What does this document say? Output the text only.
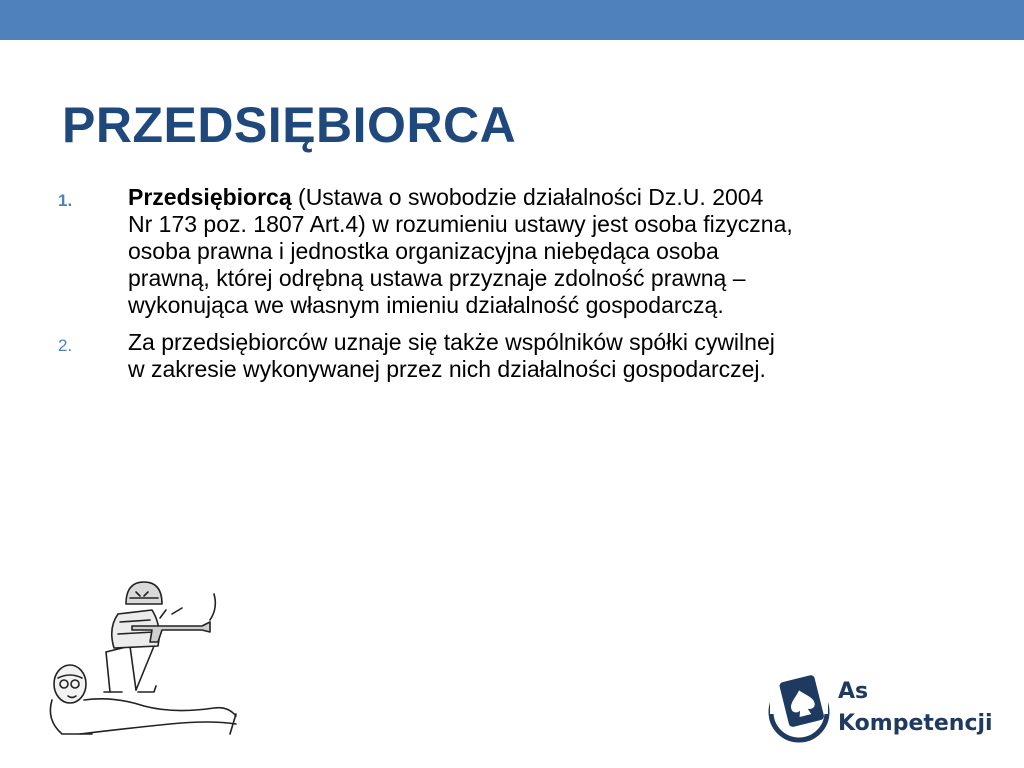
PRZEDSIĘBIORCA
1. Przedsiębiorcą (Ustawa o swobodzie działalności Dz.U. 2004
Nr 173 poz. 1807 Art.4) w rozumieniu ustawy jest osoba fizyczna,
osoba prawna i jednostka organizacyjna niebędąca osoba
prawną, której odrębną ustawa przyznaje zdolność prawną –
wykonująca we własnym imieniu działalność gospodarczą.
2. Za przedsiębiorców uznaje się także wspólników spółki cywilnej
w zakresie wykonywanej przez nich działalności gospodarczej.
As
Kompetencji
